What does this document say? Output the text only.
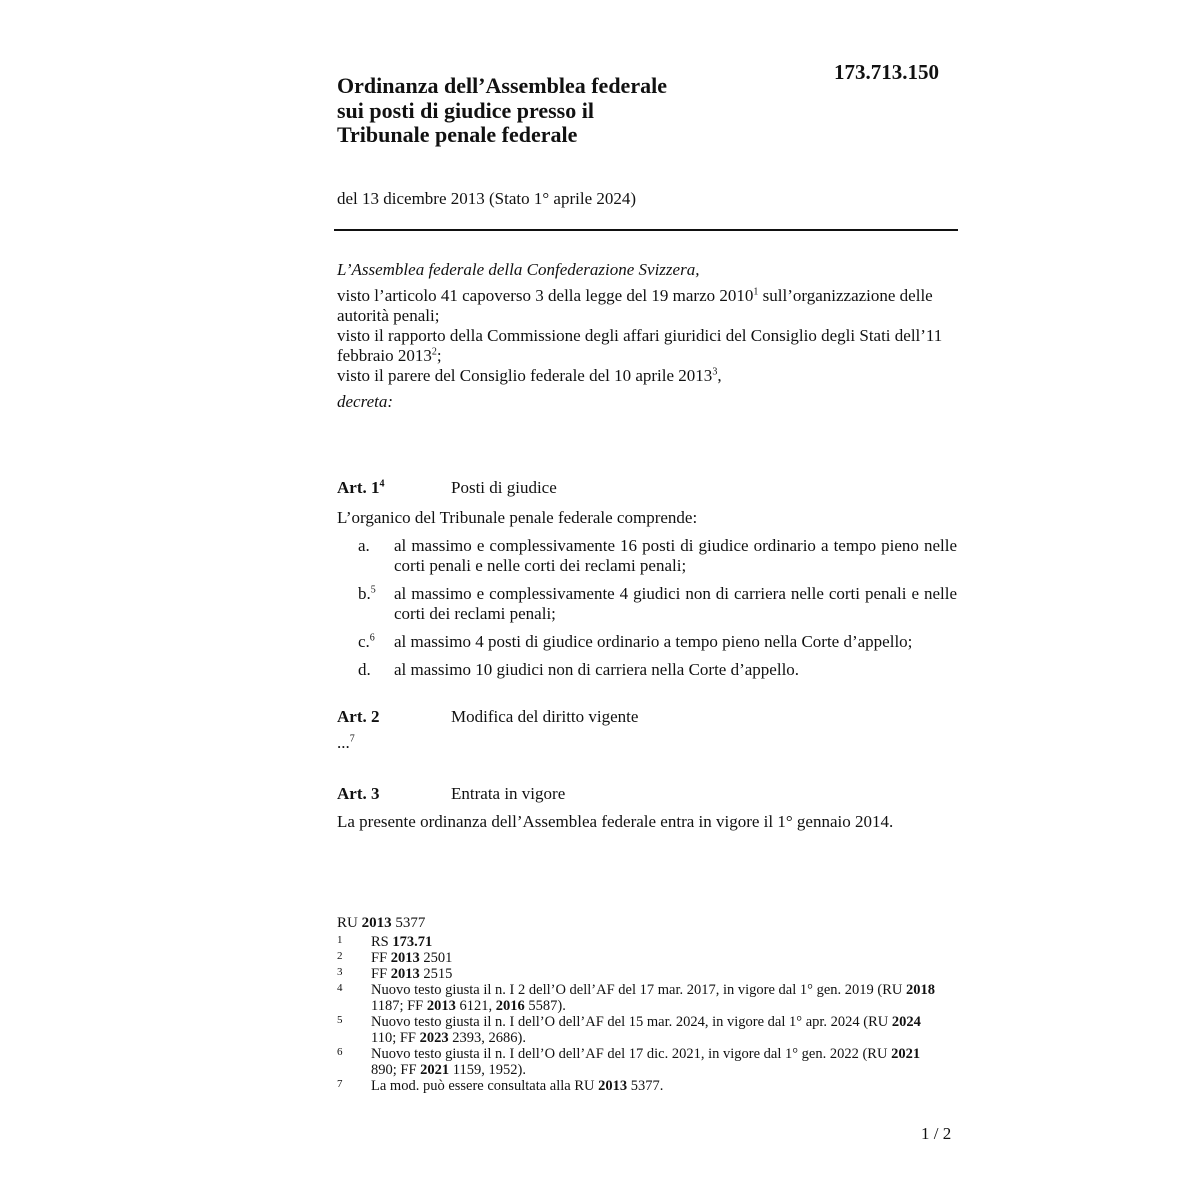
173.713.150
Ordinanza dell’Assemblea federale
sui posti di giudice presso il
Tribunale penale federale
del 13 dicembre 2013 (Stato 1° aprile 2024)

L’Assemblea federale della Confederazione Svizzera,

visto l’articolo 41 capoverso 3 della legge del 19 marzo 2010$^1$ sull’organizzazione delle autorità penali;

visto il rapporto della Commissione degli affari giuridici del Consiglio degli Stati dell’11 febbraio 2013$^2$;

visto il parere del Consiglio federale del 10 aprile 2013$^3$,

decreta:

Art. $1^4$	Posti di giudice
L’organico del Tribunale penale federale comprende:
a. al massimo e complessivamente 16 posti di giudice ordinario a tempo pieno nelle corti penali e nelle corti dei reclami penali;
b.$^5$ al massimo e complessivamente 4 giudici non di carriera nelle corti penali e nelle corti dei reclami penali;
c.$^6$ al massimo 4 posti di giudice ordinario a tempo pieno nella Corte d’appello;
d. al massimo 10 giudici non di carriera nella Corte d’appello.
Art. 2	Modifica del diritto vigente
...$^7$
Art. 3	Entrata in vigore
La presente ordinanza dell’Assemblea federale entra in vigore il 1° gennaio 2014.
RU 2013 5377
1 RS 173.71
2 FF 2013 2501
3 FF 2013 2515
4 Nuovo testo giusta il n. I 2 dell’O dell’AF del 17 mar. 2017, in vigore dal 1° gen. 2019 (RU 2018 1187; FF 2013 6121, 2016 5587).
5 Nuovo testo giusta il n. I dell’O dell’AF del 15 mar. 2024, in vigore dal 1° apr. 2024 (RU 2024 110; FF 2023 2393, 2686).
6 Nuovo testo giusta il n. I dell’O dell’AF del 17 dic. 2021, in vigore dal 1° gen. 2022 (RU 2021 890; FF 2021 1159, 1952).
7 La mod. può essere consultata alla RU 2013 5377.
1 / 2
